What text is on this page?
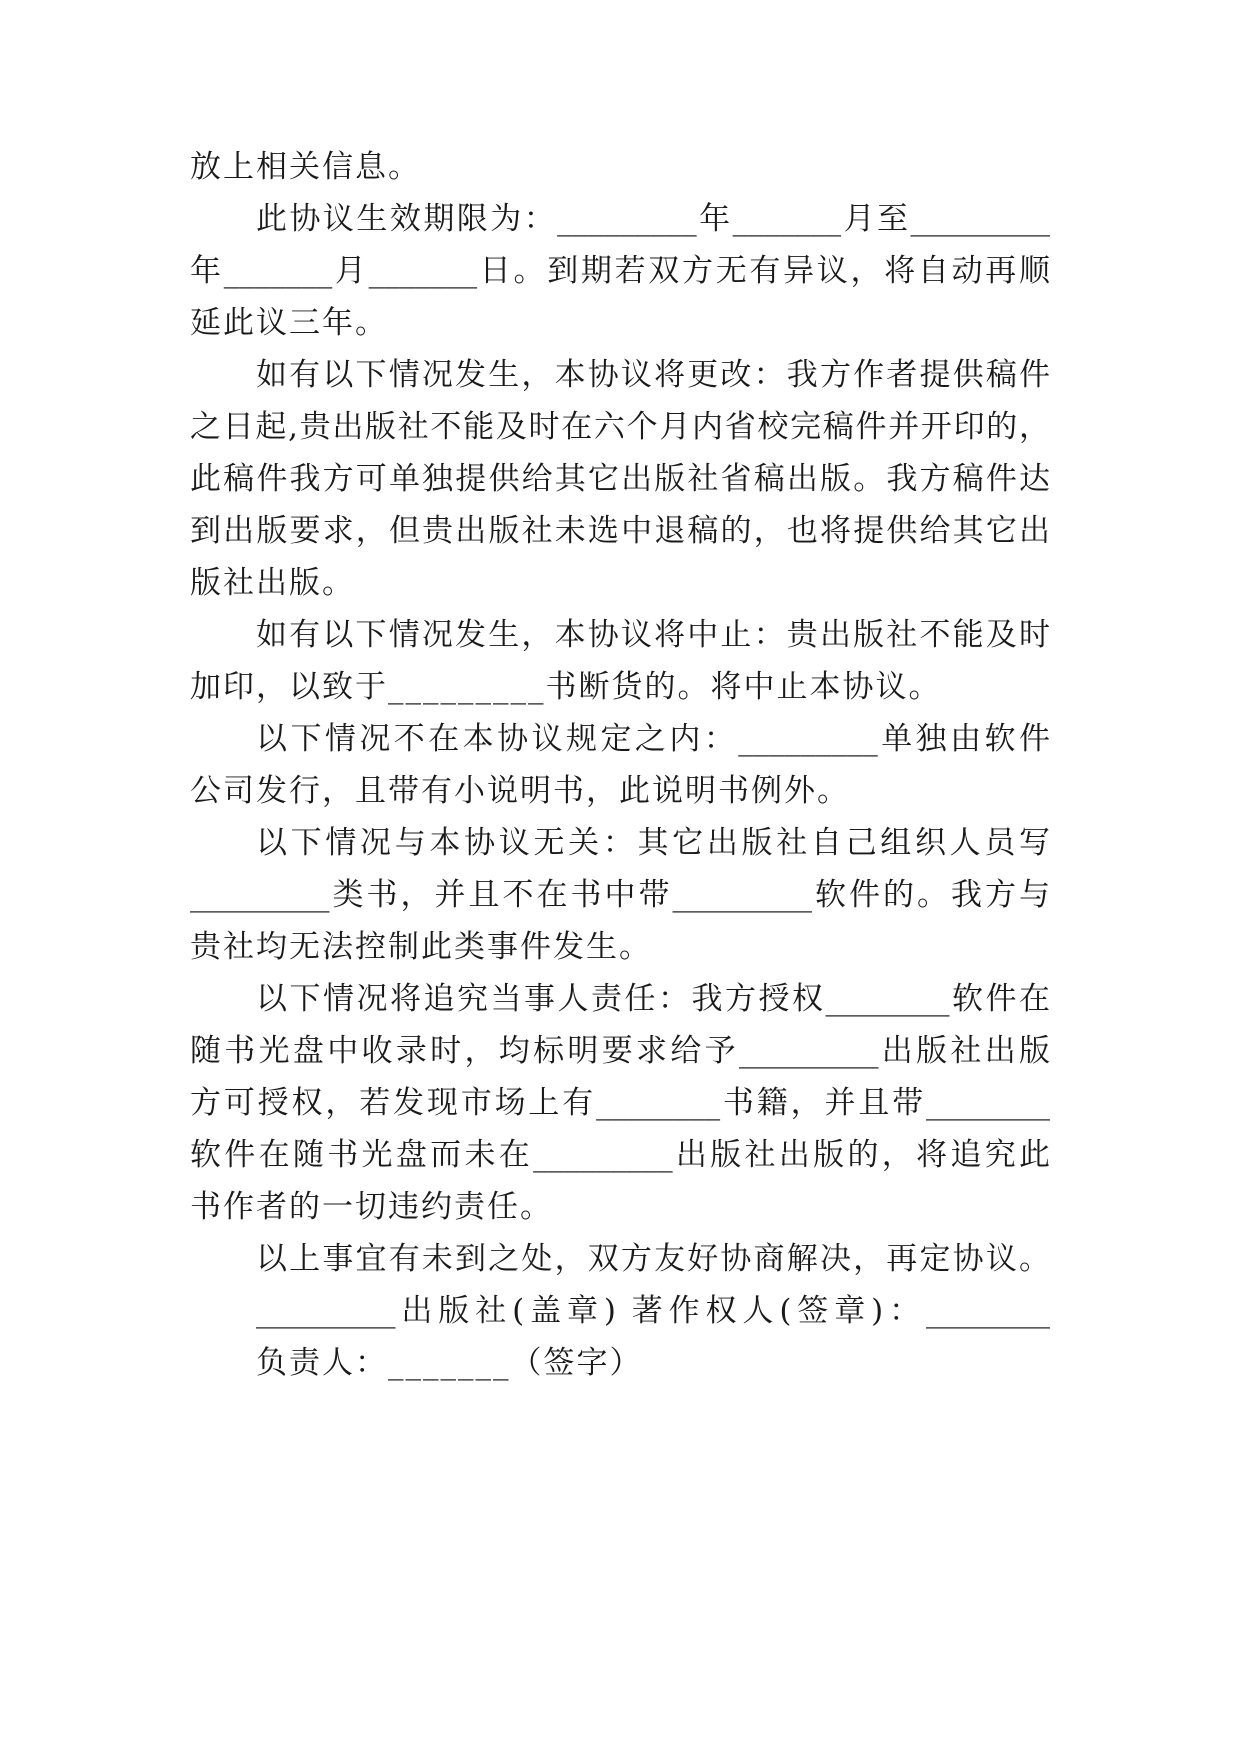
放上相关信息。
此协议生效期限为：_________年_______月至_________
年_______月_______日。到期若双方无有异议，将自动再顺
延此议三年。
如有以下情况发生，本协议将更改：我方作者提供稿件
之日起,贵出版社不能及时在六个月内省校完稿件并开印的，
此稿件我方可单独提供给其它出版社省稿出版。我方稿件达
到出版要求，但贵出版社未选中退稿的，也将提供给其它出
版社出版。
如有以下情况发生，本协议将中止：贵出版社不能及时
加印，以致于_________书断货的。将中止本协议。
以下情况不在本协议规定之内：_________单独由软件
公司发行，且带有小说明书，此说明书例外。
以下情况与本协议无关：其它出版社自己组织人员写
_________类书，并且不在书中带_________软件的。我方与
贵社均无法控制此类事件发生。
以下情况将追究当事人责任：我方授权________软件在
随书光盘中收录时，均标明要求给予_________出版社出版
方可授权，若发现市场上有________书籍，并且带________
软件在随书光盘而未在_________出版社出版的，将追究此
书作者的一切违约责任。
以上事宜有未到之处，双方友好协商解决，再定协议。
_________出版社(盖章) 著作权人(签章)：________
负责人：_______（签字）
